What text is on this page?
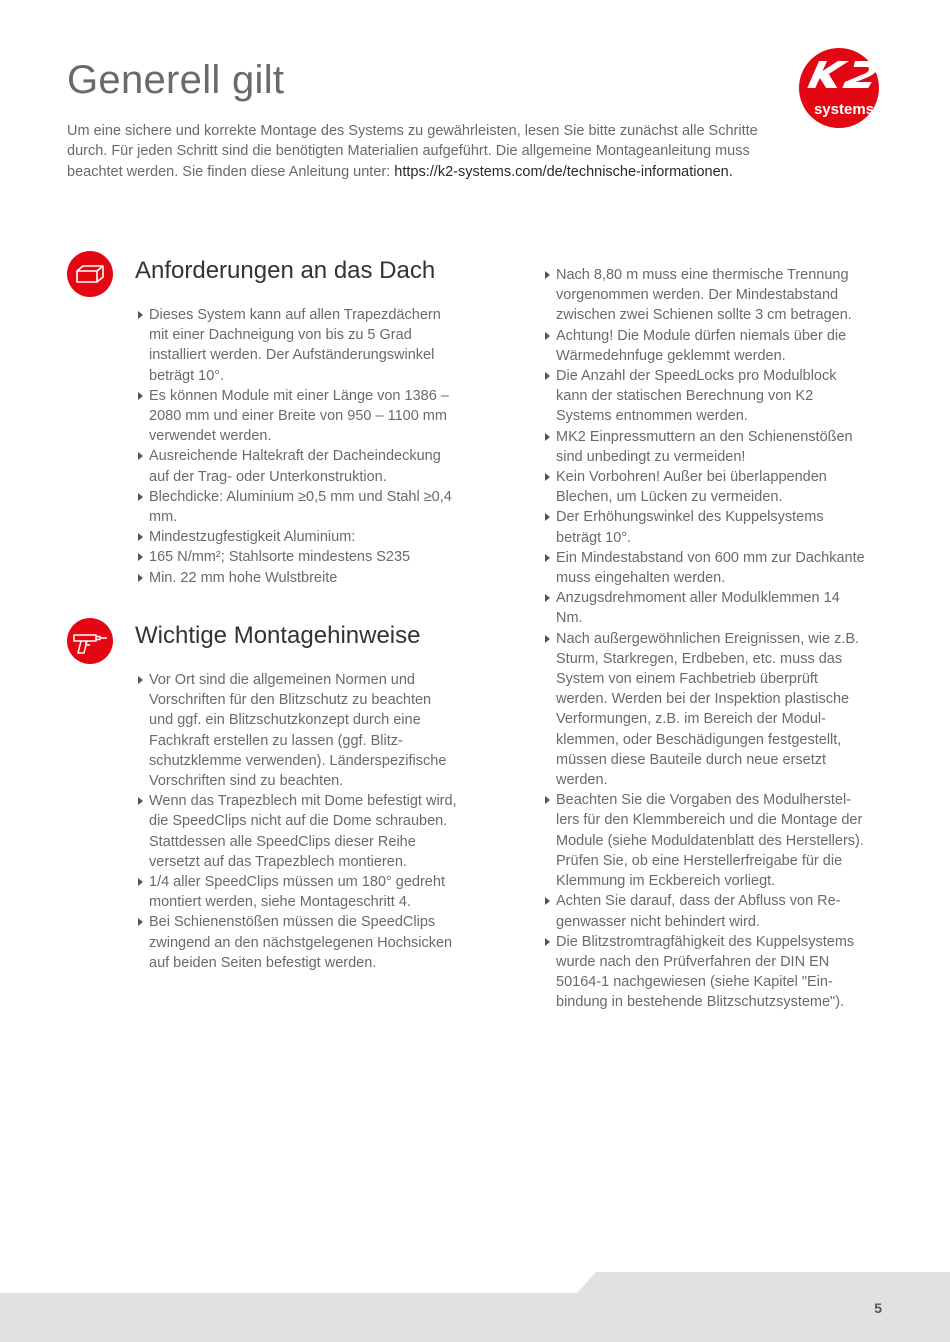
Generell gilt
systems

Um eine sichere und korrekte Montage des Systems zu gewährleisten, lesen Sie bitte zunächst alle Schritte durch. Für jeden Schritt sind die benötigten Materialien aufgeführt. Die allgemeine Montageanleitung muss beachtet werden. Sie finden diese Anleitung unter: https://k2-systems.com/de/technische-informationen.

Anforderungen an das Dach
Dieses System kann auf allen Trapezdächern mit einer Dachneigung von bis zu 5 Grad installiert werden. Der Aufständerungswinkel beträgt 10°.
Es können Module mit einer Länge von 1386 – 2080 mm und einer Breite von 950 – 1100 mm verwendet werden.
Ausreichende Haltekraft der Dacheindeckung auf der Trag- oder Unterkonstruktion.
Blechdicke: Aluminium ≥0,5 mm und Stahl ≥0,4 mm.
Mindestzugfestigkeit Aluminium:
165 N/mm²; Stahlsorte mindestens S235
Min. 22 mm hohe Wulstbreite
Wichtige Montagehinweise
Vor Ort sind die allgemeinen Normen und Vorschriften für den Blitzschutz zu beachten und ggf. ein Blitzschutzkonzept durch eine Fachkraft erstellen zu lassen (ggf. Blitzschutzklemme verwenden). Länderspezifische Vorschriften sind zu beachten.
Wenn das Trapezblech mit Dome befestigt wird, die SpeedClips nicht auf die Dome schrauben. Stattdessen alle SpeedClips dieser Reihe versetzt auf das Trapezblech montieren.
1/4 aller SpeedClips müssen um 180° gedreht montiert werden, siehe Montageschritt 4.
Bei Schienenstößen müssen die SpeedClips zwingend an den nächstgelegenen Hochsicken auf beiden Seiten befestigt werden.
Nach 8,80 m muss eine thermische Trennung vorgenommen werden. Der Mindestabstand zwischen zwei Schienen sollte 3 cm betragen.
Achtung! Die Module dürfen niemals über die Wärmedehnfuge geklemmt werden.
Die Anzahl der SpeedLocks pro Modulblock kann der statischen Berechnung von K2 Systems entnommen werden.
MK2 Einpressmuttern an den Schienenstößen sind unbedingt zu vermeiden!
Kein Vorbohren! Außer bei überlappenden Blechen, um Lücken zu vermeiden.
Der Erhöhungswinkel des Kuppelsystems beträgt 10°.
Ein Mindestabstand von 600 mm zur Dachkante muss eingehalten werden.
Anzugsdrehmoment aller Modulklemmen 14 Nm.
Nach außergewöhnlichen Ereignissen, wie z.B. Sturm, Starkregen, Erdbeben, etc. muss das System von einem Fachbetrieb überprüft werden. Werden bei der Inspektion plastische Verformungen, z.B. im Bereich der Modulklemmen, oder Beschädigungen festgestellt, müssen diese Bauteile durch neue ersetzt werden.
Beachten Sie die Vorgaben des Modulherstellers für den Klemmbereich und die Montage der Module (siehe Moduldatenblatt des Herstellers). Prüfen Sie, ob eine Herstellerfreigabe für die Klemmung im Eckbereich vorliegt.
Achten Sie darauf, dass der Abfluss von Regenwasser nicht behindert wird.
Die Blitzstromtragfähigkeit des Kuppelsystems wurde nach den Prüfverfahren der DIN EN 50164-1 nachgewiesen (siehe Kapitel "Einbindung in bestehende Blitzschutzsysteme").
5
